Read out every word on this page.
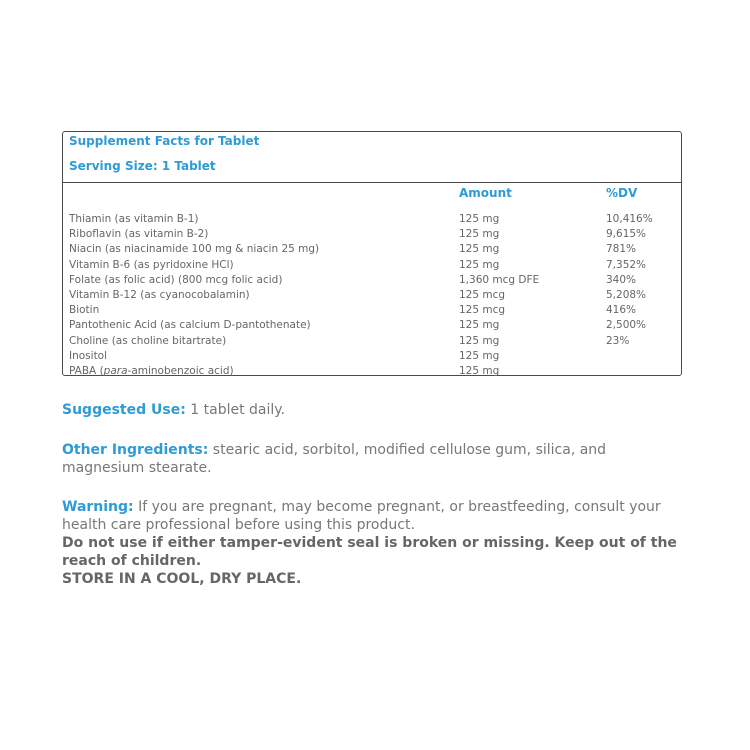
Supplement Facts for Tablet
Serving Size: 1 Tablet
Amount	%DV
Thiamin (as vitamin B-1)	125 mg	10,416%
Riboflavin (as vitamin B-2)	125 mg	9,615%
Niacin (as niacinamide 100 mg & niacin 25 mg)	125 mg	781%
Vitamin B-6 (as pyridoxine HCl)	125 mg	7,352%
Folate (as folic acid) (800 mcg folic acid)	1,360 mcg DFE	340%
Vitamin B-12 (as cyanocobalamin)	125 mcg	5,208%
Biotin	125 mcg	416%
Pantothenic Acid (as calcium D-pantothenate)	125 mg	2,500%
Choline (as choline bitartrate)	125 mg	23%
Inositol	125 mg
PABA (para-aminobenzoic acid)	125 mg
Suggested Use: 1 tablet daily.
Other Ingredients: stearic acid, sorbitol, modified cellulose gum, silica, and magnesium stearate.
Warning: If you are pregnant, may become pregnant, or breastfeeding, consult your health care professional before using this product.
Do not use if either tamper-evident seal is broken or missing. Keep out of the reach of children.
STORE IN A COOL, DRY PLACE.
